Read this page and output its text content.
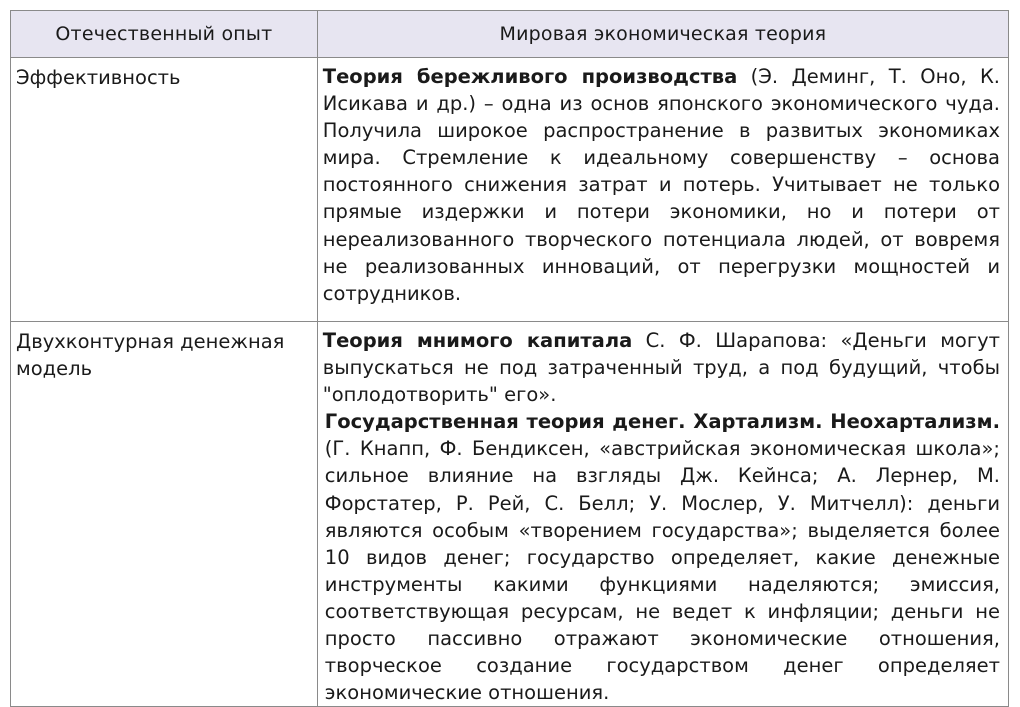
Отечественный опыт	Мировая экономическая теория
Эффективность	Теория бережливого производства (Э. Деминг, Т. Оно, К. Исикава и др.) – одна из основ японского экономического чуда. Получила широкое распространение в развитых экономиках мира. Стремление к идеальному совершенству – основа постоянного снижения затрат и потерь. Учитывает не только прямые издержки и потери экономики, но и потери от нереализованного творческого потенциала людей, от вовремя не реализованных инноваций, от перегрузки мощностей и сотрудников.

Двухконтурная денежная модель	Теория мнимого капитала С. Ф. Шарапова: «Деньги могут выпускаться не под затраченный труд, а под будущий, чтобы "оплодотворить" его».
Государственная теория денег. Хартализм. Неохартализм. (Г. Кнапп, Ф. Бендиксен, «австрийская экономическая школа»; сильное влияние на взгляды Дж. Кейнса; А. Лернер, М. Форстатер, Р. Рей, С. Белл; У. Мослер, У. Митчелл): деньги являются особым «творением государства»; выделяется более 10 видов денег; государство определяет, какие денежные инструменты какими функциями наделяются; эмиссия, соответствующая ресурсам, не ведет к инфляции; деньги не просто пассивно отражают экономические отношения, творческое создание государством денег определяет экономические отношения.
